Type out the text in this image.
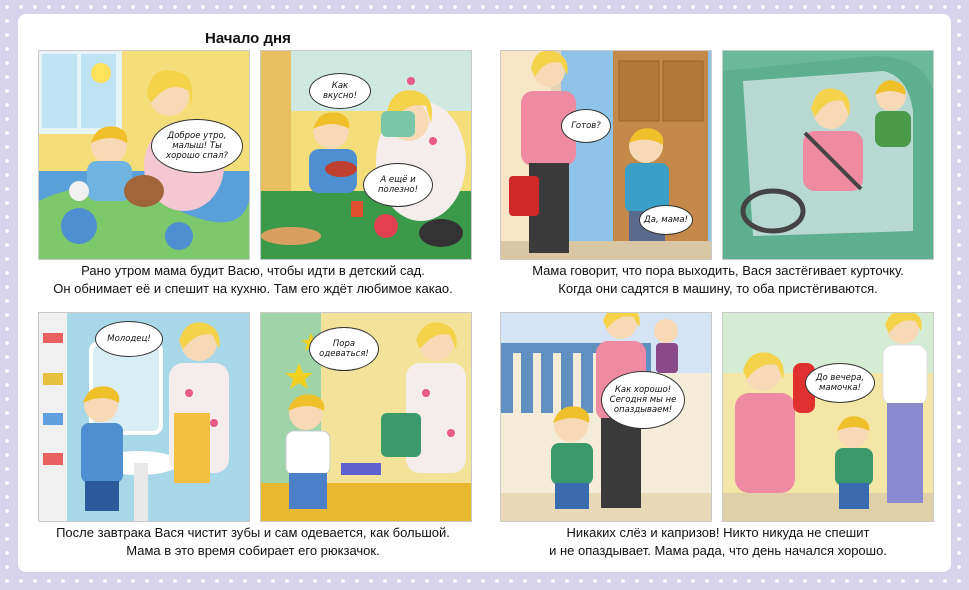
Начало дня
Доброе утро, малыш! Ты хорошо спал?
Как вкусно!
А ещё и полезно!
Готов?
Да, мама!
Рано утром мама будит Васю, чтобы идти в детский сад.
Он обнимает её и спешит на кухню. Там его ждёт любимое какао.
Мама говорит, что пора выходить, Вася застёгивает курточку.
Когда они садятся в машину, то оба пристёгиваются.
Молодец!	Пора одеваться!
Как хорошо! Сегодня мы не опаздываем!
До вечера, мамочка!
После завтрака Вася чистит зубы и сам одевается, как большой.
Мама в это время собирает его рюкзачок.
Никаких слёз и капризов! Никто никуда не спешит
и не опаздывает. Мама рада, что день начался хорошо.
